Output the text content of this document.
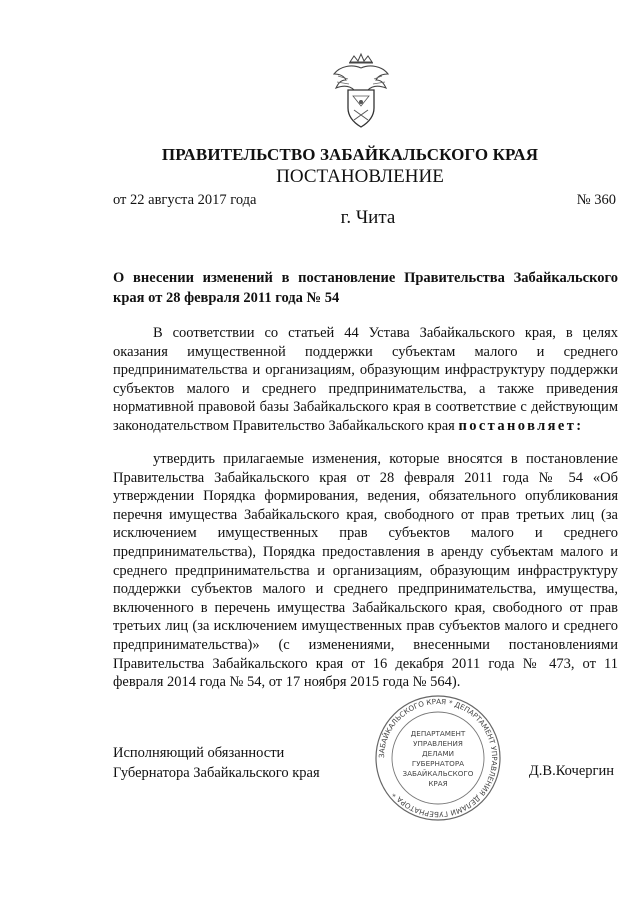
ПРАВИТЕЛЬСТВО ЗАБАЙКАЛЬСКОГО КРАЯ
ПОСТАНОВЛЕНИЕ
от 22 августа 2017 года	№ 360
г. Чита
О внесении изменений в постановление Правительства Забайкальского края от 28 февраля 2011 года № 54

В соответствии со статьей 44 Устава Забайкальского края, в целях оказания имущественной поддержки субъектам малого и среднего предпринимательства и организациям, образующим инфраструктуру поддержки субъектов малого и среднего предпринимательства, а также приведения нормативной правовой базы Забайкальского края в соответствие с действующим законодательством Правительство Забайкальского края постановляет:

утвердить прилагаемые изменения, которые вносятся в постановление Правительства Забайкальского края от 28 февраля 2011 года № 54 «Об утверждении Порядка формирования, ведения, обязательного опубликования перечня имущества Забайкальского края, свободного от прав третьих лиц (за исключением имущественных прав субъектов малого и среднего предпринимательства), Порядка предоставления в аренду субъектам малого и среднего предпринимательства и организациям, образующим инфраструктуру поддержки субъектов малого и среднего предпринимательства, имущества, включенного в перечень имущества Забайкальского края, свободного от прав третьих лиц (за исключением имущественных прав субъектов малого и среднего предпринимательства)» (с изменениями, внесенными постановлениями Правительства Забайкальского края от 16 декабря 2011 года № 473, от 11 февраля 2014 года № 54, от 17 ноября 2015 года № 564).

ЗАБАЙКАЛЬСКОГО КРАЯ * ДЕПАРТАМЕНТ УПРАВЛЕНИЯ ДЕЛАМИ ГУБЕРНАТОРА *
ДЕПАРТАМЕНТ
УПРАВЛЕНИЯ
ДЕЛАМИ
ГУБЕРНАТОРА
ЗАБАЙКАЛЬСКОГО
КРАЯ
Исполняющий обязанности
Губернатора Забайкальского края	Д.В.Кочергин
